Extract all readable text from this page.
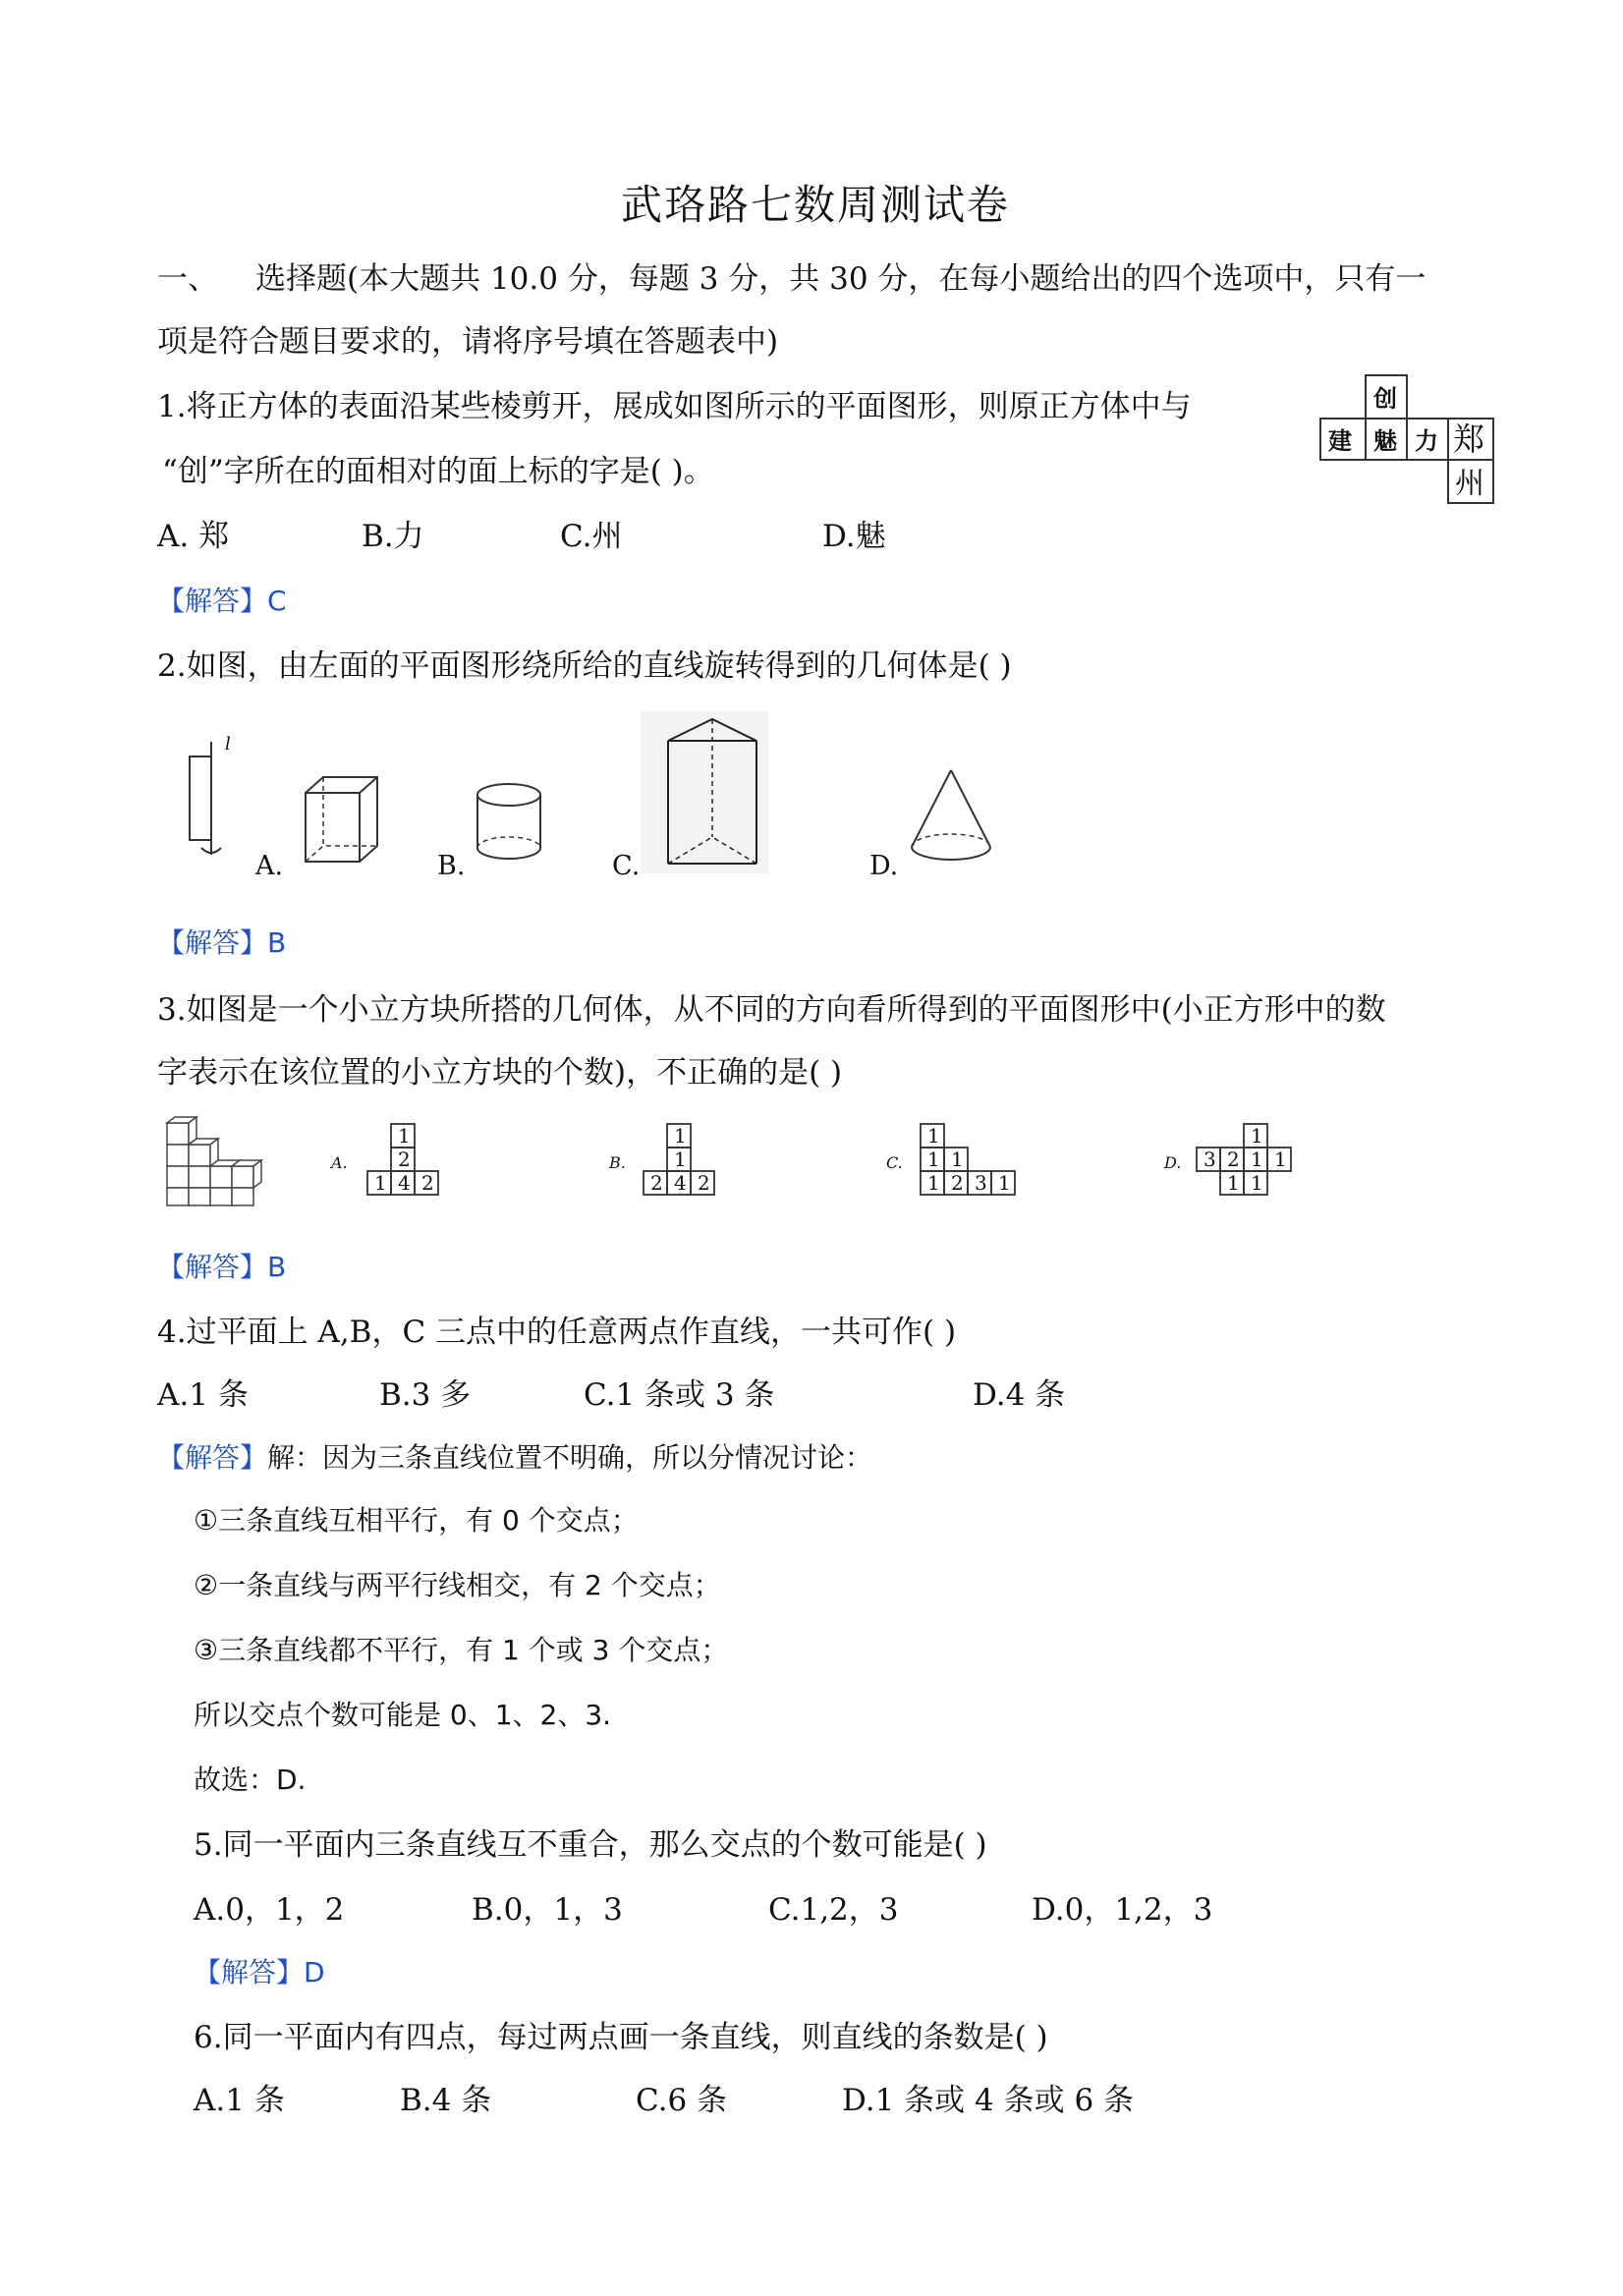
武珞路七数周测试卷
一、 选择题(本大题共 10.0 分，每题 3 分，共 30 分，在每小题给出的四个选项中，只有一
项是符合题目要求的，请将序号填在答题表中)
1.将正方体的表面沿某些棱剪开，展成如图所示的平面图形，则原正方体中与
“创”字所在的面相对的面上标的字是( )。
创
建 魅 力 郑
州
A. 郑	B.力	C.州	D.魅
【解答】C
2.如图，由左面的平面图形绕所给的直线旋转得到的几何体是( )
l
A.	B.	C.	D.
【解答】B
3.如图是一个小立方块所搭的几何体，从不同的方向看所得到的平面图形中(小正方形中的数
字表示在该位置的小立方块的个数)，不正确的是( )
A.
1
2
1 4 2
B.
1
1
2 4 2
C.
1
1 1
1 2 3 1
D.
1
3 2 1 1
1 1
【解答】B
4.过平面上 A,B，C 三点中的任意两点作直线，一共可作( )
A.1 条	B.3 多	C.1 条或 3 条	D.4 条
【解答】解：因为三条直线位置不明确，所以分情况讨论：
①三条直线互相平行，有 0 个交点；
②一条直线与两平行线相交，有 2 个交点；
③三条直线都不平行，有 1 个或 3 个交点；
所以交点个数可能是 0、1、2、3.
故选：D.
5.同一平面内三条直线互不重合，那么交点的个数可能是( )
A.0，1，2	B.0，1，3	C.1,2，3	D.0，1,2，3
【解答】D
6.同一平面内有四点，每过两点画一条直线，则直线的条数是( )
A.1 条	B.4 条	C.6 条	D.1 条或 4 条或 6 条
